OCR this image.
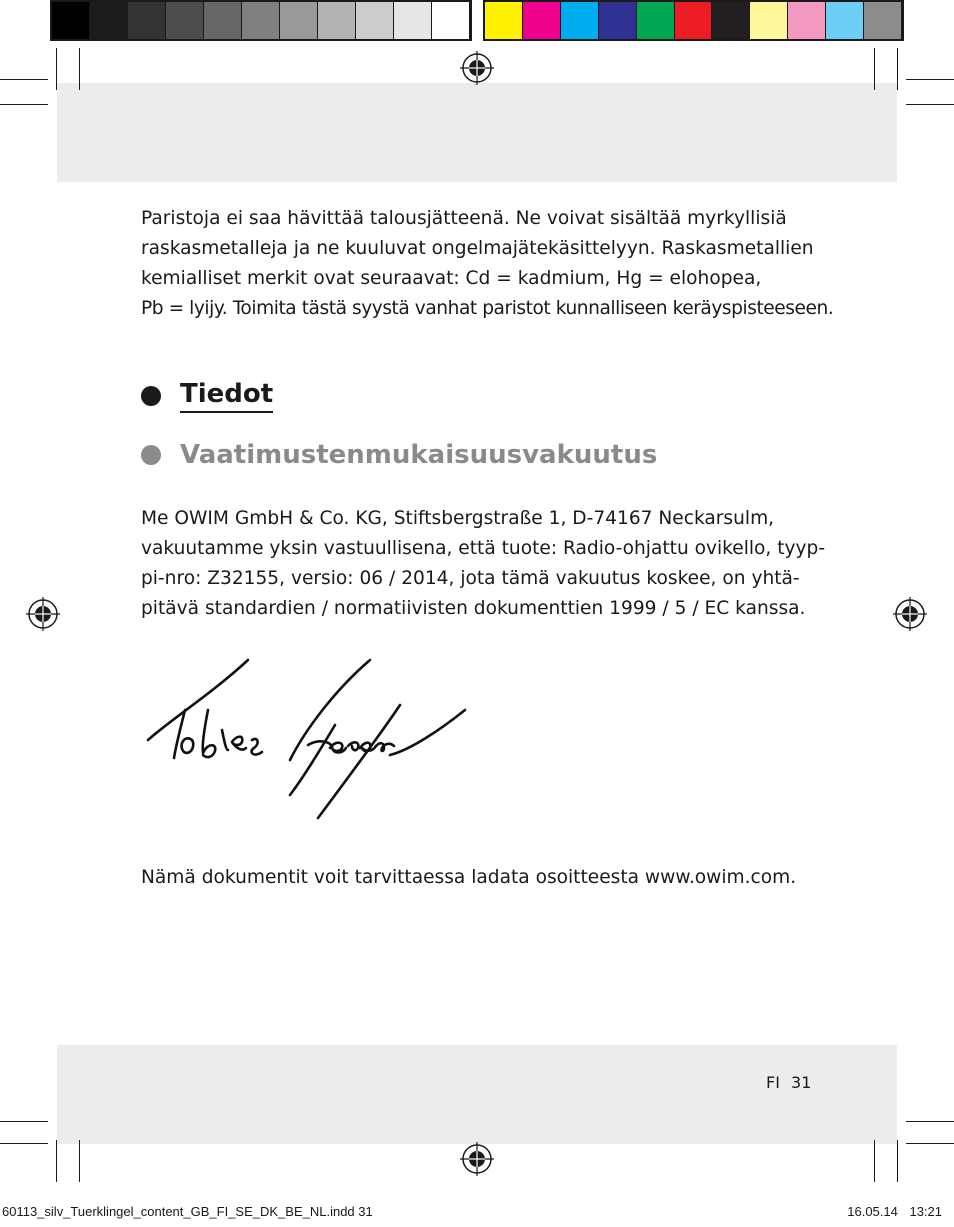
Paristoja ei saa hävittää talousjätteenä. Ne voivat sisältää myrkyllisiä

raskasmetalleja ja ne kuuluvat ongelmajätekäsittelyyn. Raskasmetallien

kemialliset merkit ovat seuraavat: Cd = kadmium, Hg = elohopea,

Pb = lyijy. Toimita tästä syystä vanhat paristot kunnalliseen keräyspisteeseen.

Tiedot
Vaatimustenmukaisuusvakuutus

Me OWIM GmbH & Co. KG, Stiftsbergstraße 1, D-74167 Neckarsulm,

vakuutamme yksin vastuullisena, että tuote: Radio-ohjattu ovikello, tyyp-

pi-nro: Z32155, versio: 06 / 2014, jota tämä vakuutus koskee, on yhtä-

pitävä standardien / normatiivisten dokumenttien 1999 / 5 / EC kanssa.

Nämä dokumentit voit tarvittaessa ladata osoitteesta www.owim.com.

FI 31
60113_silv_Tuerklingel_content_GB_FI_SE_DK_BE_NL.indd 31	16.05.14 13:21
